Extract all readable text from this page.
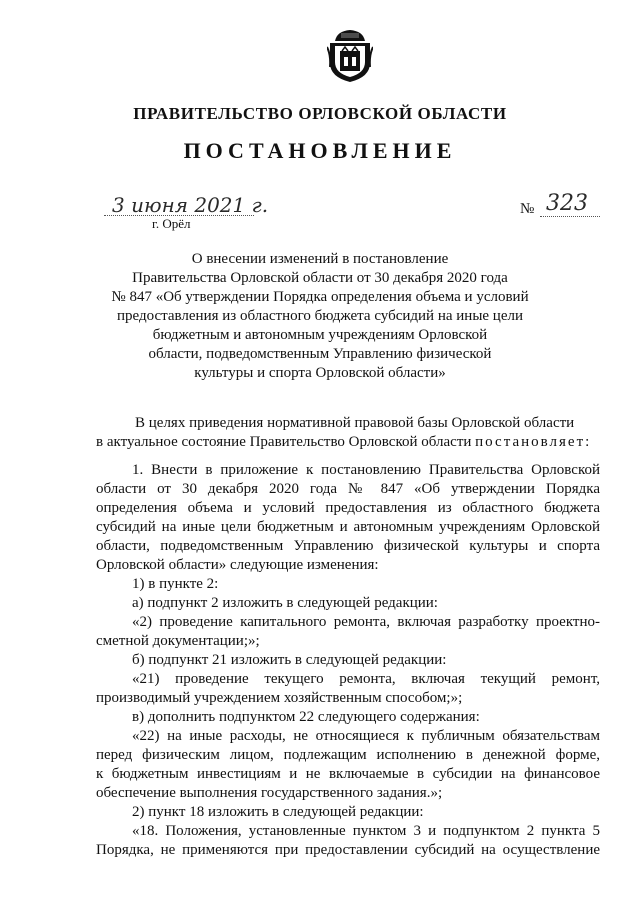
ПРАВИТЕЛЬСТВО ОРЛОВСКОЙ ОБЛАСТИ
ПОСТАНОВЛЕНИЕ
3 июня 2021 г.
г. Орёл
№ 323
О внесении изменений в постановление
Правительства Орловской области от 30 декабря 2020 года
№ 847 «Об утверждении Порядка определения объема и условий
предоставления из областного бюджета субсидий на иные цели
бюджетным и автономным учреждениям Орловской
области, подведомственным Управлению физической
культуры и спорта Орловской области»
В целях приведения нормативной правовой базы Орловской области
в актуальное состояние Правительство Орловской области постановляет:
1. Внести в приложение к постановлению Правительства Орловской
области от 30 декабря 2020 года № 847 «Об утверждении Порядка
определения объема и условий предоставления из областного бюджета
субсидий на иные цели бюджетным и автономным учреждениям Орловской
области, подведомственным Управлению физической культуры и спорта
Орловской области» следующие изменения:
1) в пункте 2:
а) подпункт 2 изложить в следующей редакции:
«2) проведение капитального ремонта, включая разработку проектно-
сметной документации;»;
б) подпункт 21 изложить в следующей редакции:
«21) проведение текущего ремонта, включая текущий ремонт,
производимый учреждением хозяйственным способом;»;
в) дополнить подпунктом 22 следующего содержания:
«22) на иные расходы, не относящиеся к публичным обязательствам
перед физическим лицом, подлежащим исполнению в денежной форме,
к бюджетным инвестициям и не включаемые в субсидии на финансовое
обеспечение выполнения государственного задания.»;
2) пункт 18 изложить в следующей редакции:
«18. Положения, установленные пунктом 3 и подпунктом 2 пункта 5
Порядка, не применяются при предоставлении субсидий на осуществление
